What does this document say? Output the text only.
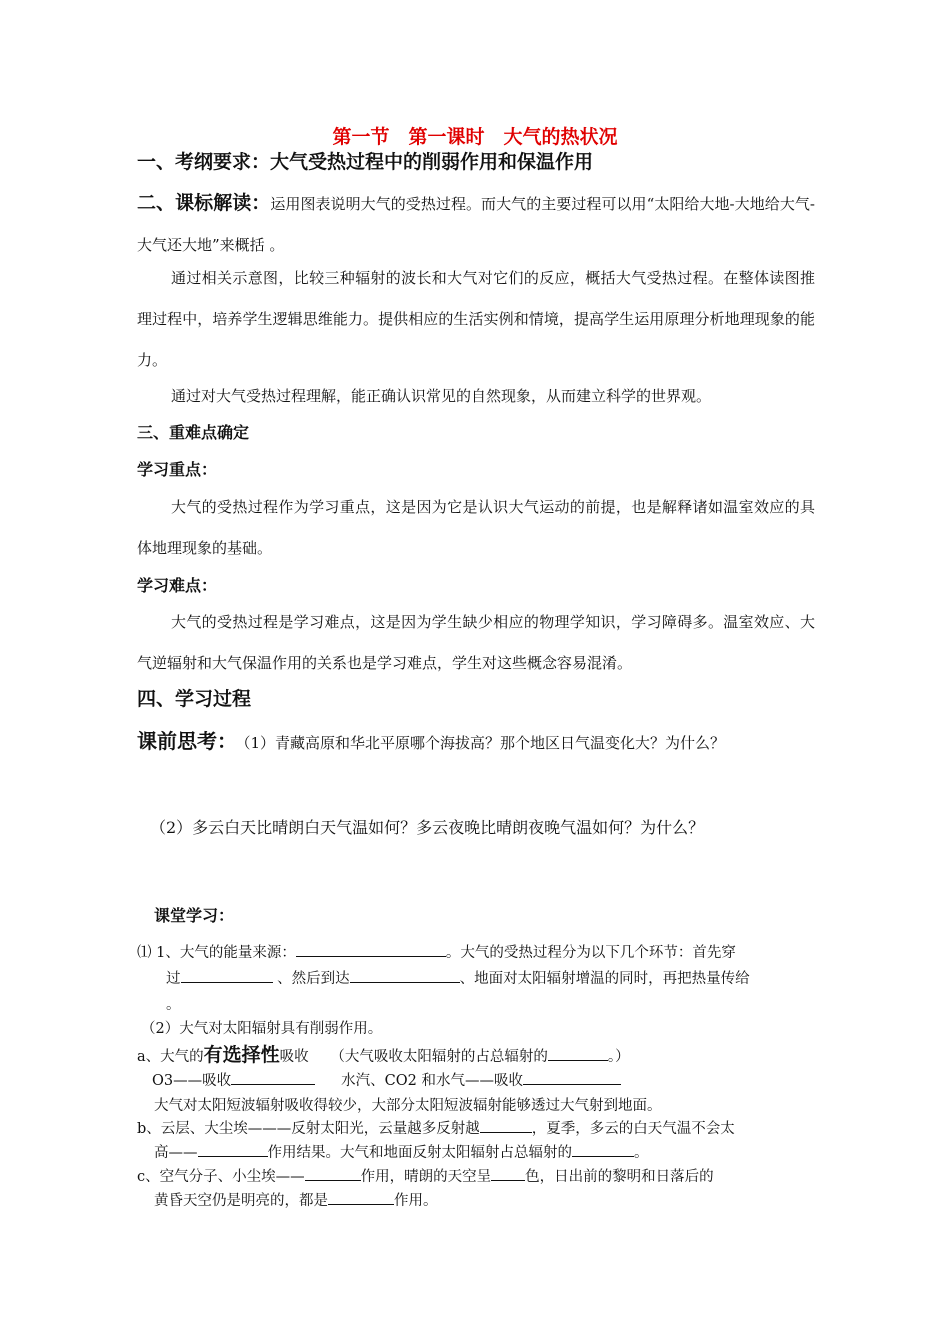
第一节　第一课时　大气的热状况
一、考纲要求：大气受热过程中的削弱作用和保温作用
二、课标解读：运用图表说明大气的受热过程。而大气的主要过程可以用“太阳给大地-大地给大气-大气还大地”来概括 。
通过相关示意图，比较三种辐射的波长和大气对它们的反应，概括大气受热过程。在整体读图推理过程中，培养学生逻辑思维能力。提供相应的生活实例和情境，提高学生运用原理分析地理现象的能力。
通过对大气受热过程理解，能正确认识常见的自然现象，从而建立科学的世界观。
三、重难点确定
学习重点：
大气的受热过程作为学习重点，这是因为它是认识大气运动的前提，也是解释诸如温室效应的具体地理现象的基础。
学习难点：
大气的受热过程是学习难点，这是因为学生缺少相应的物理学知识，学习障碍多。温室效应、大气逆辐射和大气保温作用的关系也是学习难点，学生对这些概念容易混淆。
四、学习过程
课前思考： （1）青藏高原和华北平原哪个海拔高？那个地区日气温变化大？为什么？
（2）多云白天比晴朗白天气温如何？多云夜晚比晴朗夜晚气温如何？为什么？
课堂学习：
⑴ 1、大气的能量来源：	。大气的受热过程分为以下几个环节：首先穿
过	、然后到达	、地面对太阳辐射增温的同时，再把热量传给
。
（2）大气对太阳辐射具有削弱作用。
a、大气的有选择性吸收　　（大气吸收太阳辐射的占总辐射的	。）
O3——吸收	水汽、CO2 和水气——吸收
大气对太阳短波辐射吸收得较少，大部分太阳短波辐射能够透过大气射到地面。
b、云层、大尘埃———反射太阳光，云量越多反射越	，夏季，多云的白天气温不会太
高——	作用结果。大气和地面反射太阳辐射占总辐射的	。
c、空气分子、小尘埃——	作用，晴朗的天空呈 色，日出前的黎明和日落后的
黄昏天空仍是明亮的，都是	作用。
